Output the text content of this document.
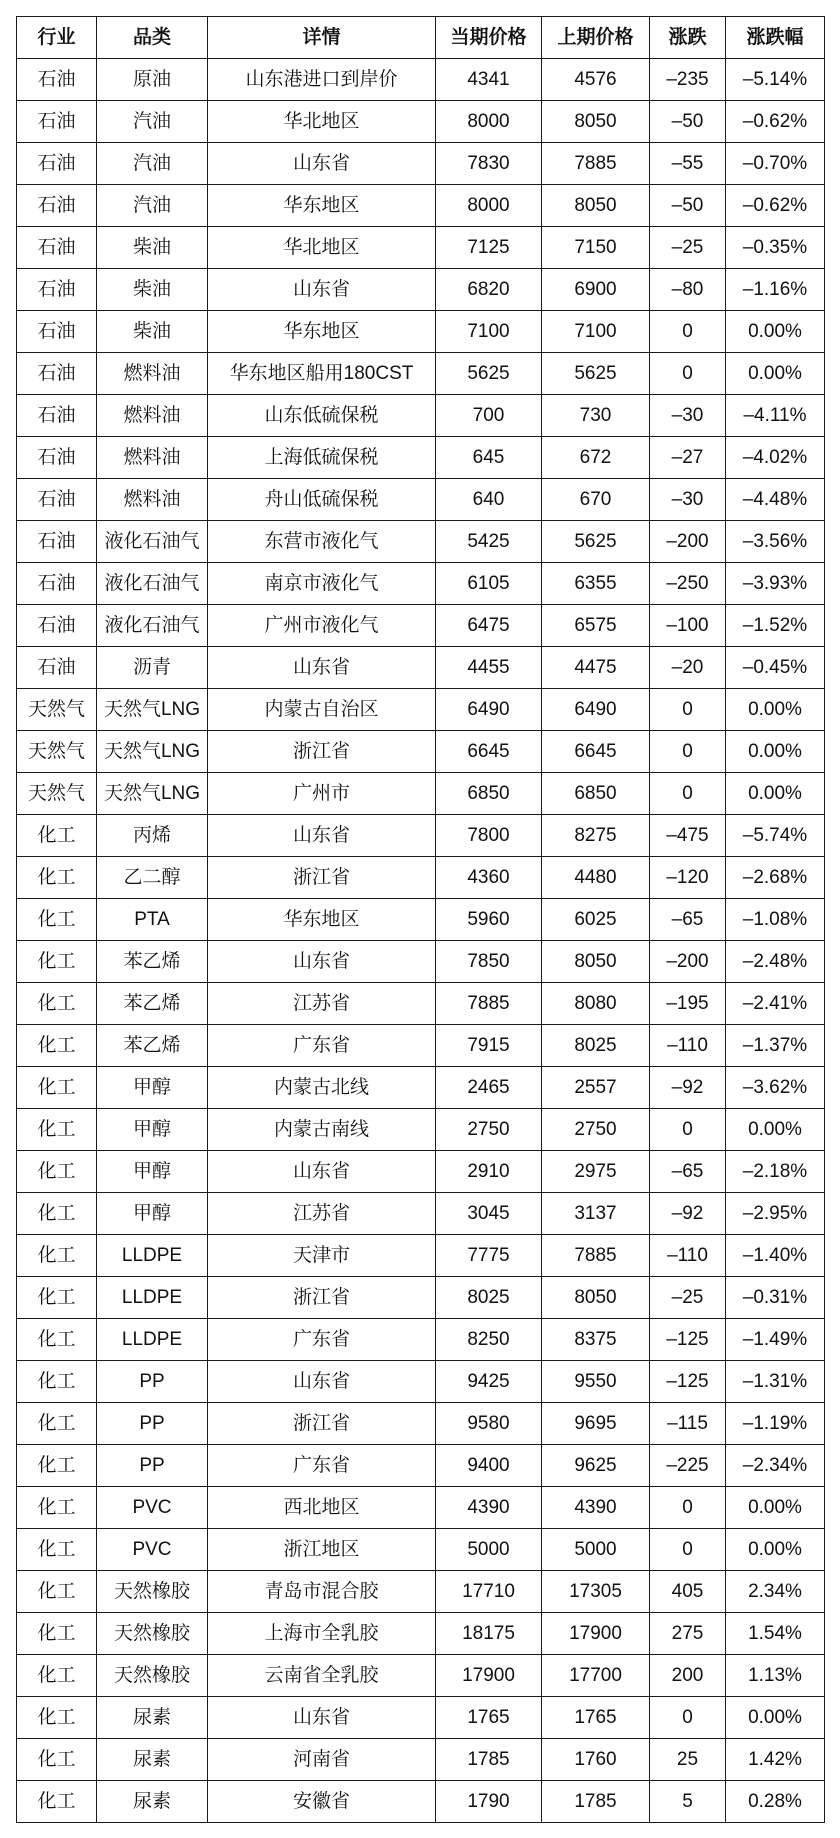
行业	品类	详情	当期价格	上期价格	涨跌	涨跌幅
石油	原油	山东港进口到岸价	4341	4576	–235	–5.14%
石油	汽油	华北地区	8000	8050	–50	–0.62%
石油	汽油	山东省	7830	7885	–55	–0.70%
石油	汽油	华东地区	8000	8050	–50	–0.62%
石油	柴油	华北地区	7125	7150	–25	–0.35%
石油	柴油	山东省	6820	6900	–80	–1.16%
石油	柴油	华东地区	7100	7100	0	0.00%
石油	燃料油	华东地区船用180CST	5625	5625	0	0.00%
石油	燃料油	山东低硫保税	700	730	–30	–4.11%
石油	燃料油	上海低硫保税	645	672	–27	–4.02%
石油	燃料油	舟山低硫保税	640	670	–30	–4.48%
石油	液化石油气	东营市液化气	5425	5625	–200	–3.56%
石油	液化石油气	南京市液化气	6105	6355	–250	–3.93%
石油	液化石油气	广州市液化气	6475	6575	–100	–1.52%
石油	沥青	山东省	4455	4475	–20	–0.45%
天然气	天然气LNG	内蒙古自治区	6490	6490	0	0.00%
天然气	天然气LNG	浙江省	6645	6645	0	0.00%
天然气	天然气LNG	广州市	6850	6850	0	0.00%
化工	丙烯	山东省	7800	8275	–475	–5.74%
化工	乙二醇	浙江省	4360	4480	–120	–2.68%
化工	PTA	华东地区	5960	6025	–65	–1.08%
化工	苯乙烯	山东省	7850	8050	–200	–2.48%
化工	苯乙烯	江苏省	7885	8080	–195	–2.41%
化工	苯乙烯	广东省	7915	8025	–110	–1.37%
化工	甲醇	内蒙古北线	2465	2557	–92	–3.62%
化工	甲醇	内蒙古南线	2750	2750	0	0.00%
化工	甲醇	山东省	2910	2975	–65	–2.18%
化工	甲醇	江苏省	3045	3137	–92	–2.95%
化工	LLDPE	天津市	7775	7885	–110	–1.40%
化工	LLDPE	浙江省	8025	8050	–25	–0.31%
化工	LLDPE	广东省	8250	8375	–125	–1.49%
化工	PP	山东省	9425	9550	–125	–1.31%
化工	PP	浙江省	9580	9695	–115	–1.19%
化工	PP	广东省	9400	9625	–225	–2.34%
化工	PVC	西北地区	4390	4390	0	0.00%
化工	PVC	浙江地区	5000	5000	0	0.00%
化工	天然橡胶	青岛市混合胶	17710	17305	405	2.34%
化工	天然橡胶	上海市全乳胶	18175	17900	275	1.54%
化工	天然橡胶	云南省全乳胶	17900	17700	200	1.13%
化工	尿素	山东省	1765	1765	0	0.00%
化工	尿素	河南省	1785	1760	25	1.42%
化工	尿素	安徽省	1790	1785	5	0.28%
